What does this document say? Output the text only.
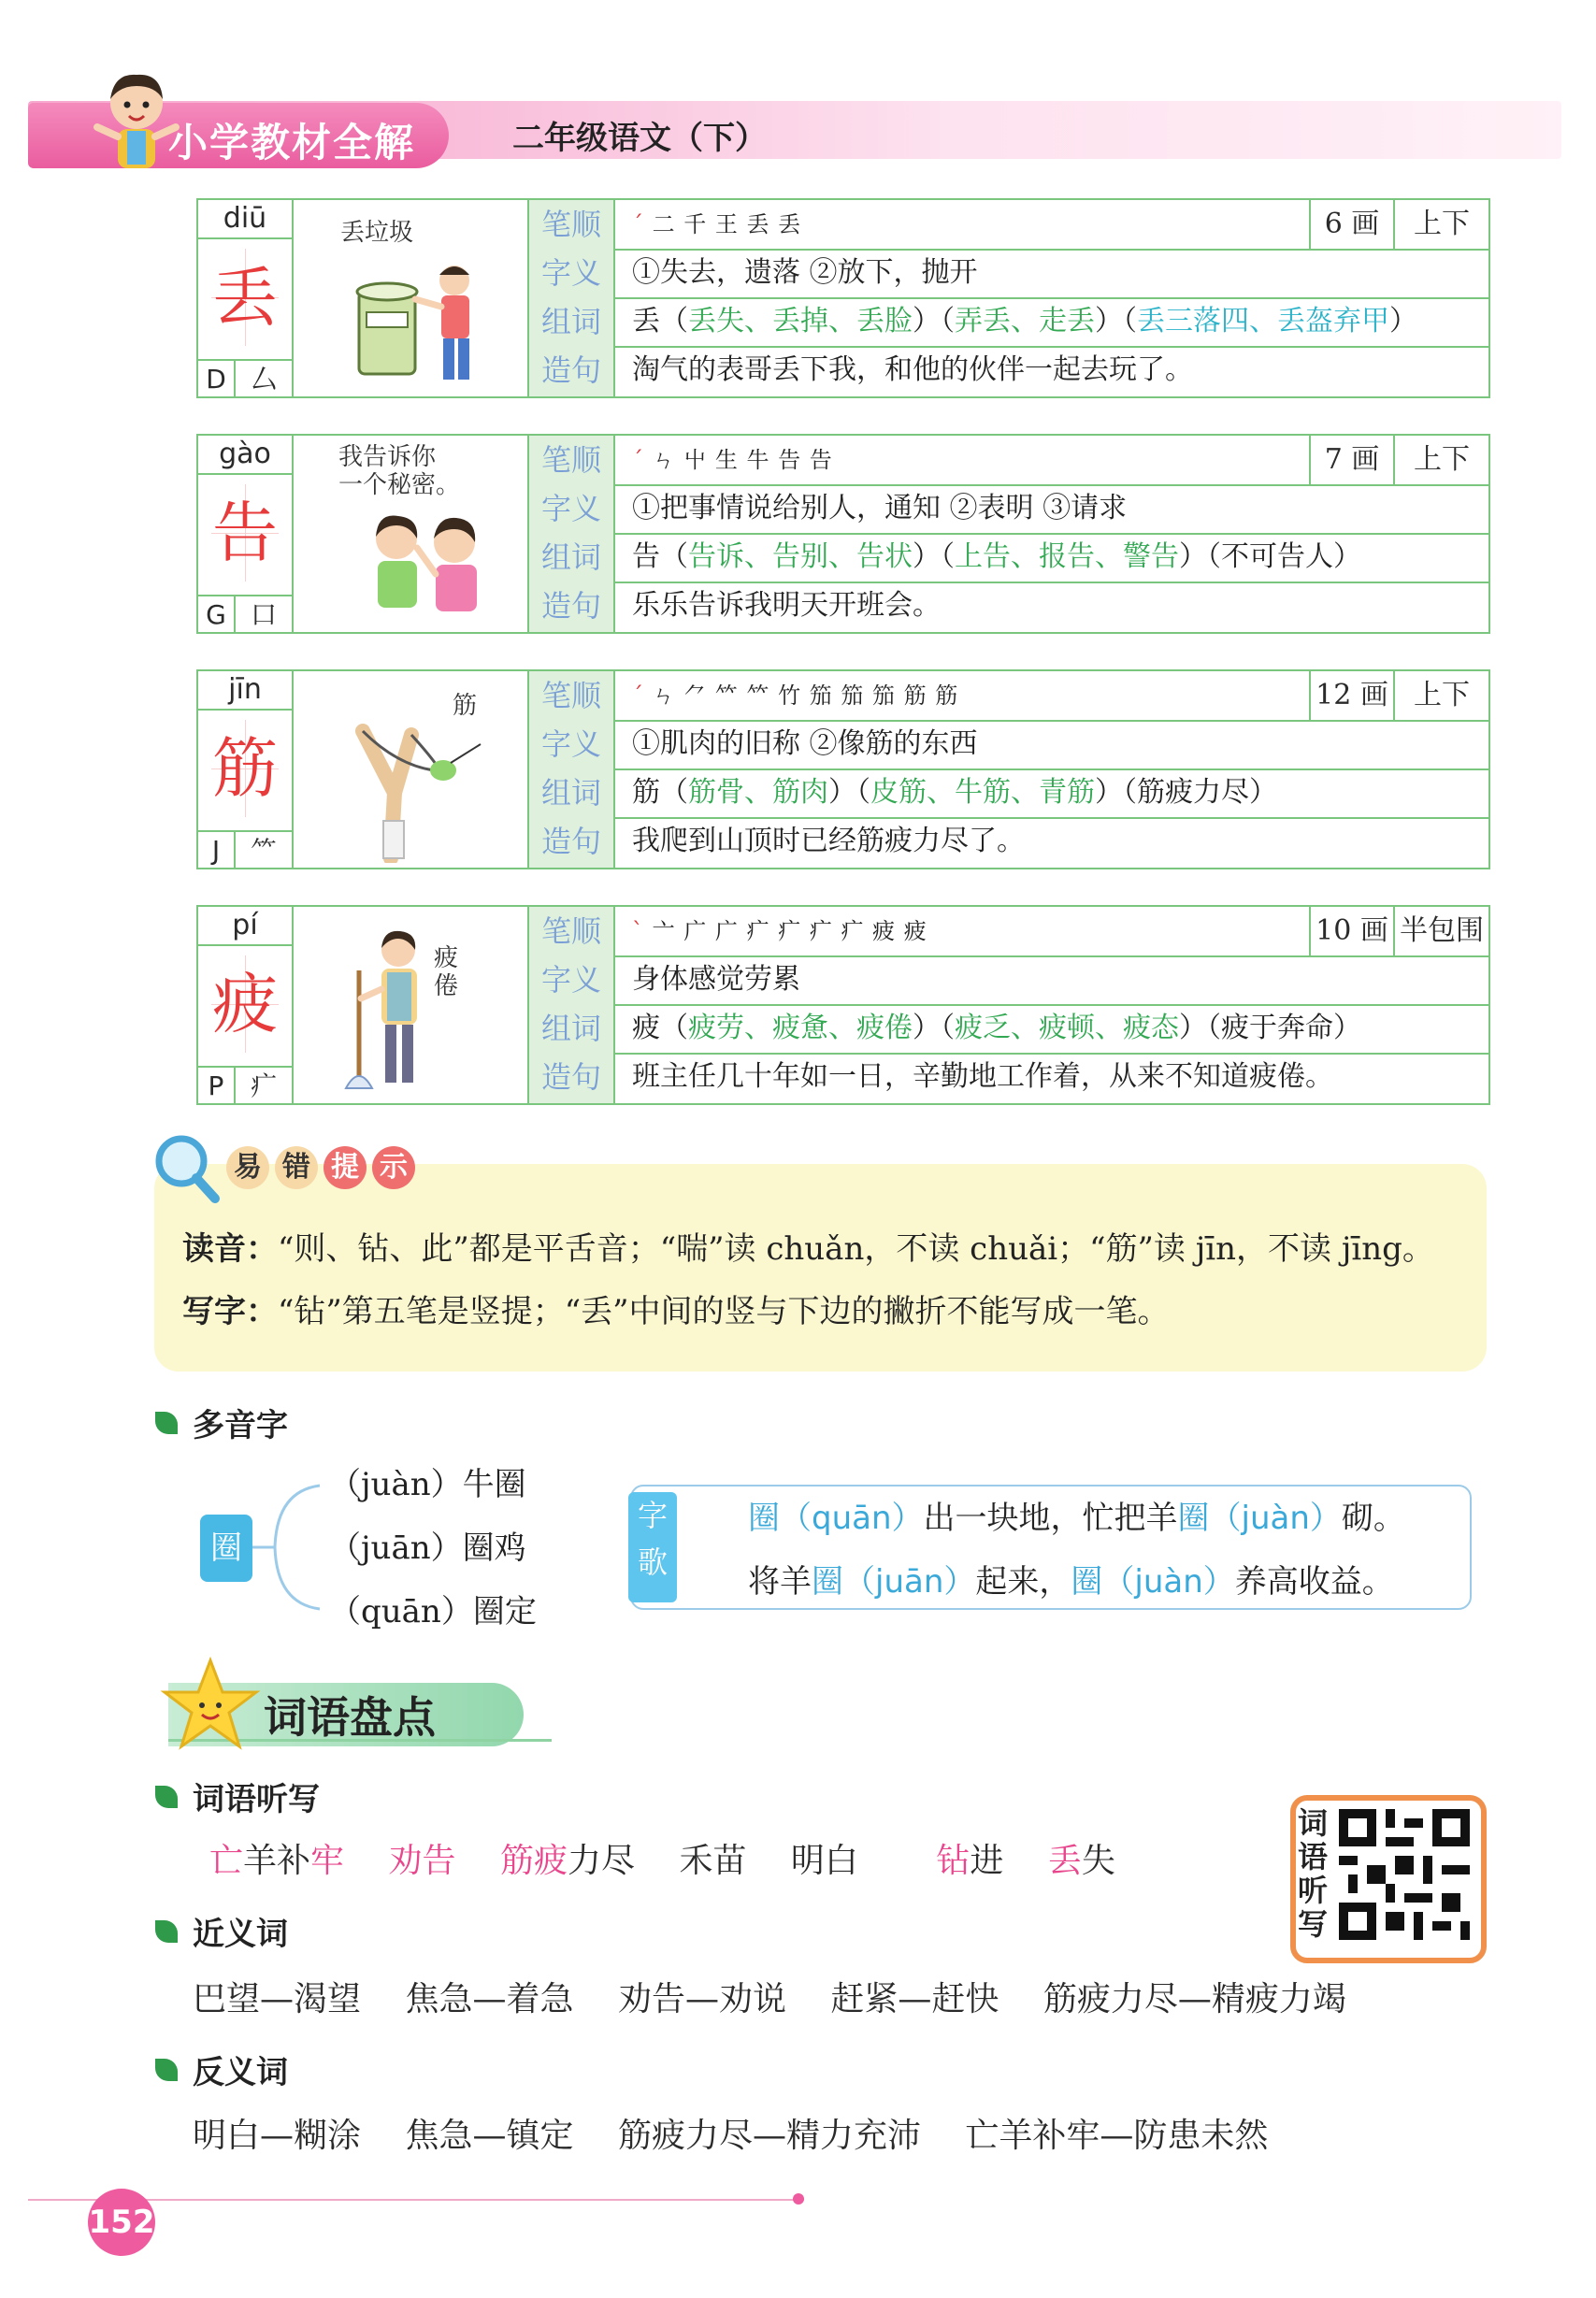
小学教材全解	二年级语文（下）
diū
丢
D 厶
丢垃圾	笔顺	ˊ 二 千 王 丢 丢	6 画	上下
字义	①失去，遗落 ②放下，抛开
组词	丢（丢失、丢掉、丢脸）（弄丢、走丢）（丢三落四、丢盔弃甲）
造句	淘气的表哥丢下我，和他的伙伴一起去玩了。
gào
告
G 口
我告诉你
一个秘密。
笔顺	ˊ ㄣ 屮 生 牛 告 告	7 画	上下
字义	①把事情说给别人，通知 ②表明 ③请求
组词	告（告诉、告别、告状）（上告、报告、警告）（不可告人）
造句	乐乐告诉我明天开班会。
jīn
筋
J	⺮
筋	笔顺	ˊ ㄣ ⺈ 𥫗 𥫗 竹 笳 笳 笳 筋 筋	12 画 上下
字义	①肌肉的旧称 ②像筋的东西
组词	筋（筋骨、筋肉）（皮筋、牛筋、青筋）（筋疲力尽）
造句	我爬到山顶时已经筋疲力尽了。
pí
疲
P	疒
疲
倦
笔顺	ˋ 亠 广 广 疒 疒 疒 疒 疲 疲	10 画 半包围
字义	身体感觉劳累
组词	疲（疲劳、疲惫、疲倦）（疲乏、疲顿、疲态）（疲于奔命）
造句	班主任几十年如一日，辛勤地工作着，从来不知道疲倦。
易 错 提 示
读音：“则、钻、此”都是平舌音；“喘”读 chuǎn，不读 chuǎi；“筋”读 jīn，不读 jīng。
写字：“钻”第五笔是竖提；“丢”中间的竖与下边的撇折不能写成一笔。
多音字
圈
（juàn）牛圈
（juān）圈鸡
（quān）圈定
字
歌
圈（quān）出一块地，忙把羊圈（juàn）砌。
将羊圈（juān）起来，圈（juàn）养高收益。
词语盘点
词语听写
亡羊补牢　 劝告　 筋疲力尽　 禾苗　 明白　　 钻进　 丢失
词
语
听
写
近义词
巴望—渴望　 焦急—着急　 劝告—劝说　 赶紧—赶快　 筋疲力尽—精疲力竭
反义词
明白—糊涂　 焦急—镇定　 筋疲力尽—精力充沛　 亡羊补牢—防患未然
152
